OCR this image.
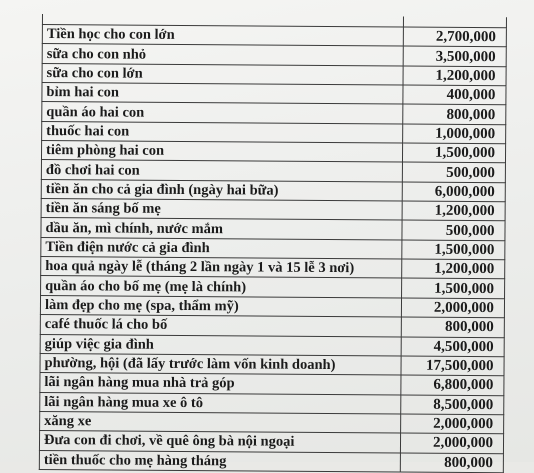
Tiền học cho con lớn	2,700,000
sữa cho con nhỏ	3,500,000
sữa cho con lớn	1,200,000
bỉm hai con	400,000
quần áo hai con	800,000
thuốc hai con	1,000,000
tiêm phòng hai con	1,500,000
đồ chơi hai con	500,000
tiền ăn cho cả gia đình (ngày hai bữa)	6,000,000
tiền ăn sáng bố mẹ	1,200,000
dầu ăn, mì chính, nước mắm	500,000
Tiền điện nước cả gia đình	1,500,000
hoa quả ngày lễ (tháng 2 lần ngày 1 và 15 lễ 3 nơi)	1,200,000
quần áo cho bố mẹ (mẹ là chính)	1,500,000
làm đẹp cho mẹ (spa, thẩm mỹ)	2,000,000
café thuốc lá cho bố	800,000
giúp việc gia đình	4,500,000
phường, hội (đã lấy trước làm vốn kinh doanh)	17,500,000
lãi ngân hàng mua nhà trả góp	6,800,000
lãi ngân hàng mua xe ô tô	8,500,000
xăng xe	2,000,000
Đưa con đi chơi, về quê ông bà nội ngoại	2,000,000
tiền thuốc cho mẹ hàng tháng	800,000
